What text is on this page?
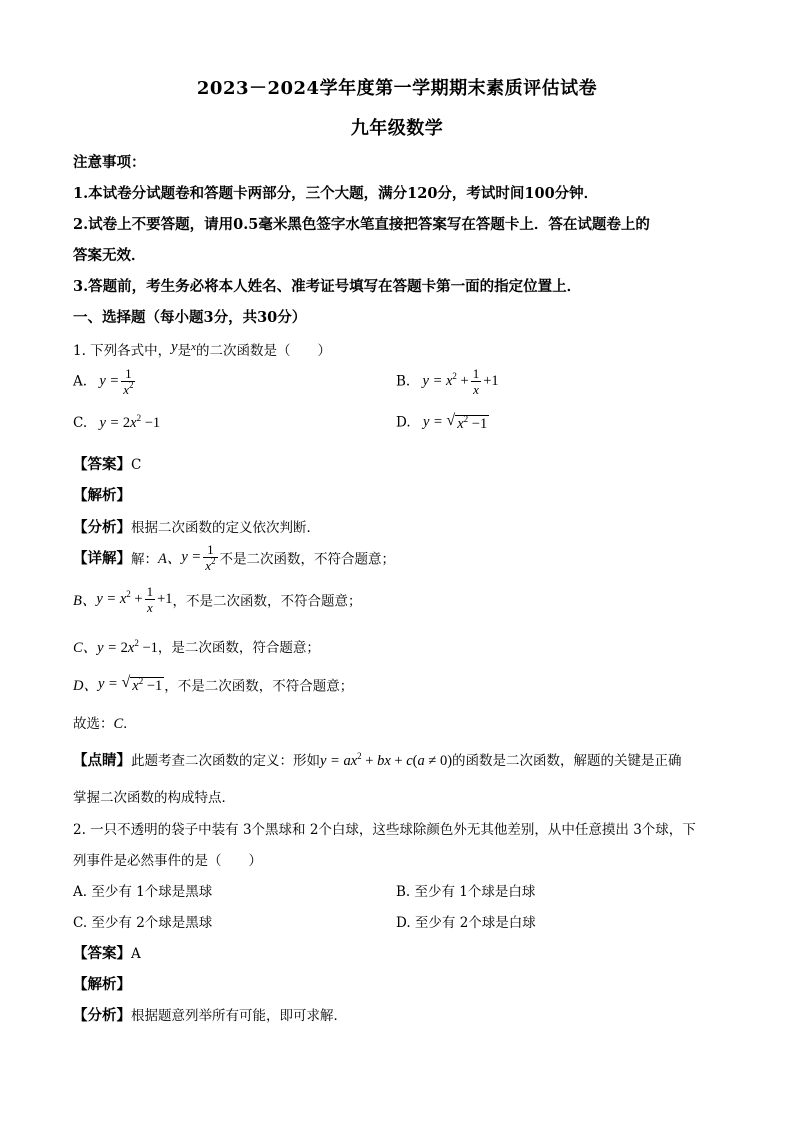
2023－2024学年度第一学期期末素质评估试卷
九年级数学
注意事项：
1.本试卷分试题卷和答题卡两部分，三个大题，满分120分，考试时间100分钟．
2.试卷上不要答题，请用0.5毫米黑色签字水笔直接把答案写在答题卡上．答在试题卷上的
答案无效．
3.答题前，考生务必将本人姓名、准考证号填写在答题卡第一面的指定位置上．
一、选择题（每小题3分，共30分）
1. 下列各式中，y是$^x$的二次函数是（　　）
A. $y = \frac{1}{x^2}$	B. $y = x^2 + \frac{1}{x} +1$
C. $y = 2x^2 -1$	D. y = √ $x^2 -1$
【答案】C
【解析】
【分析】根据二次函数的定义依次判断．
【详解】解：A、$y = \frac{1}{x^2}$ 不是二次函数，不符合题意；
B、$y = x^2 + \frac{1}{x} +1$，不是二次函数，不符合题意；
C、$y = 2x^2 -1$，是二次函数，符合题意；
D、y = √ $x^2 -1$ ，不是二次函数，不符合题意；
故选：C．
【点睛】此题考查二次函数的定义：形如$y = ax^2$ + bx + c(a ≠ 0)的函数是二次函数，解题的关键是正确
掌握二次函数的构成特点．
2. 一只不透明的袋子中装有 3个黑球和 2个白球，这些球除颜色外无其他差别，从中任意摸出 3个球，下
列事件是必然事件的是（　　）
A. 至少有 1个球是黑球	B. 至少有 1个球是白球
C. 至少有 2个球是黑球	D. 至少有 2个球是白球
【答案】A
【解析】
【分析】根据题意列举所有可能，即可求解．
